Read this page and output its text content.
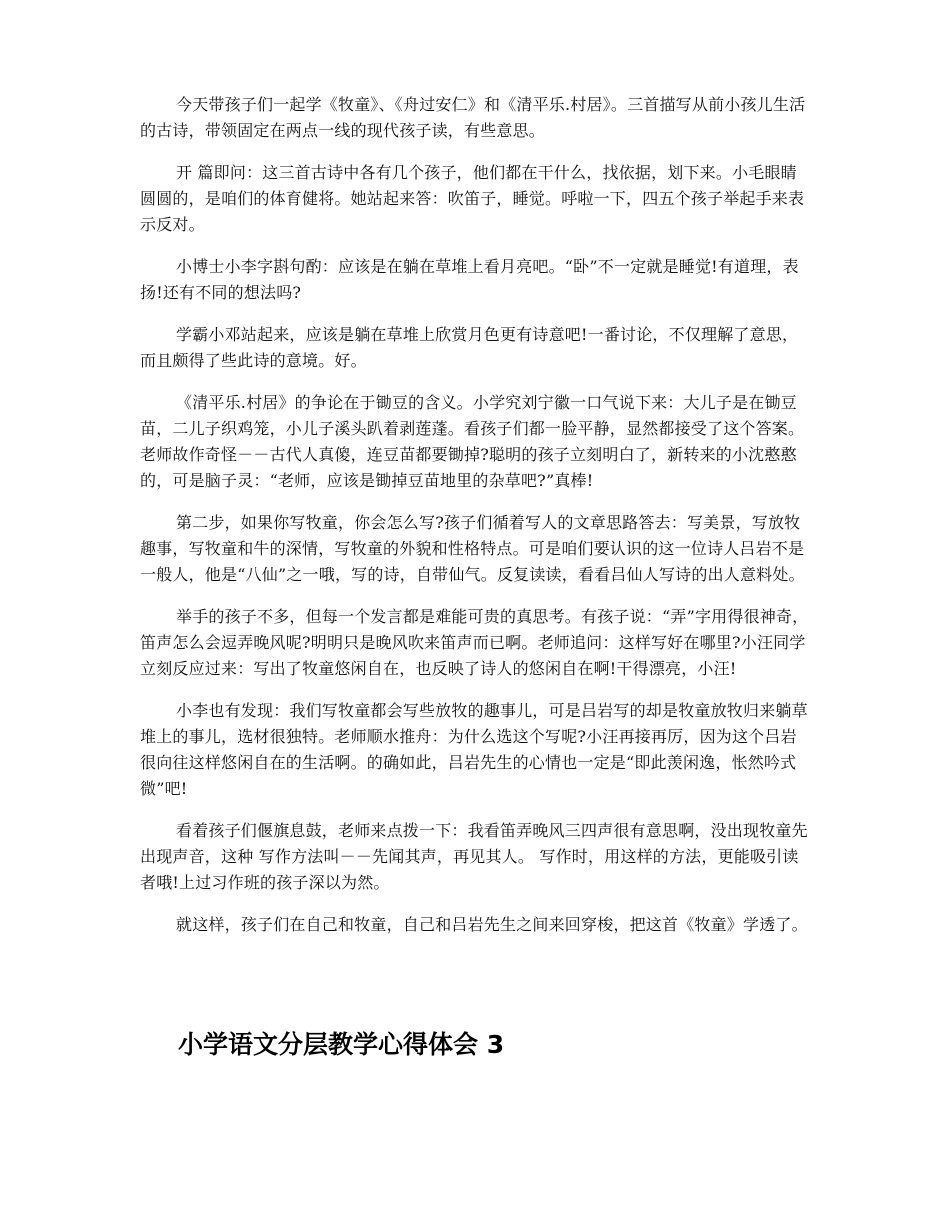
今天带孩子们一起学《牧童》、《舟过安仁》和《清平乐.村居》。三首描写从前小孩儿生活的古诗，带领固定在两点一线的现代孩子读，有些意思。

开 篇即问：这三首古诗中各有几个孩子，他们都在干什么，找依据，划下来。小毛眼睛圆圆的，是咱们的体育健将。她站起来答：吹笛子，睡觉。呼啦一下，四五个孩子举起手来表示反对。

小博士小李字斟句酌：应该是在躺在草堆上看月亮吧。“卧”不一定就是睡觉!有道理，表扬!还有不同的想法吗?

学霸小邓站起来，应该是躺在草堆上欣赏月色更有诗意吧!一番讨论，不仅理解了意思，而且颇得了些此诗的意境。好。

《清平乐.村居》的争论在于锄豆的含义。小学究刘宁徽一口气说下来：大儿子是在锄豆苗，二儿子织鸡笼，小儿子溪头趴着剥莲蓬。看孩子们都一脸平静，显然都接受了这个答案。老师故作奇怪－－古代人真傻，连豆苗都要锄掉?聪明的孩子立刻明白了，新转来的小沈憨憨的，可是脑子灵：“老师，应该是锄掉豆苗地里的杂草吧?”真棒!

第二步，如果你写牧童，你会怎么写?孩子们循着写人的文章思路答去：写美景，写放牧趣事，写牧童和牛的深情，写牧童的外貌和性格特点。可是咱们要认识的这一位诗人吕岩不是一般人，他是“八仙”之一哦，写的诗，自带仙气。反复读读，看看吕仙人写诗的出人意料处。

举手的孩子不多，但每一个发言都是难能可贵的真思考。有孩子说：“弄”字用得很神奇，笛声怎么会逗弄晚风呢?明明只是晚风吹来笛声而已啊。老师追问：这样写好在哪里?小汪同学立刻反应过来：写出了牧童悠闲自在，也反映了诗人的悠闲自在啊!干得漂亮，小汪!

小李也有发现：我们写牧童都会写些放牧的趣事儿，可是吕岩写的却是牧童放牧归来躺草堆上的事儿，选材很独特。老师顺水推舟：为什么选这个写呢?小汪再接再厉，因为这个吕岩很向往这样悠闲自在的生活啊。的确如此，吕岩先生的心情也一定是“即此羡闲逸，怅然吟式微”吧!

看着孩子们偃旗息鼓，老师来点拨一下：我看笛弄晚风三四声很有意思啊，没出现牧童先出现声音，这种 写作方法叫－－先闻其声，再见其人。 写作时，用这样的方法，更能吸引读者哦!上过习作班的孩子深以为然。

就这样，孩子们在自己和牧童，自己和吕岩先生之间来回穿梭，把这首《牧童》学透了。

小学语文分层教学心得体会 3
